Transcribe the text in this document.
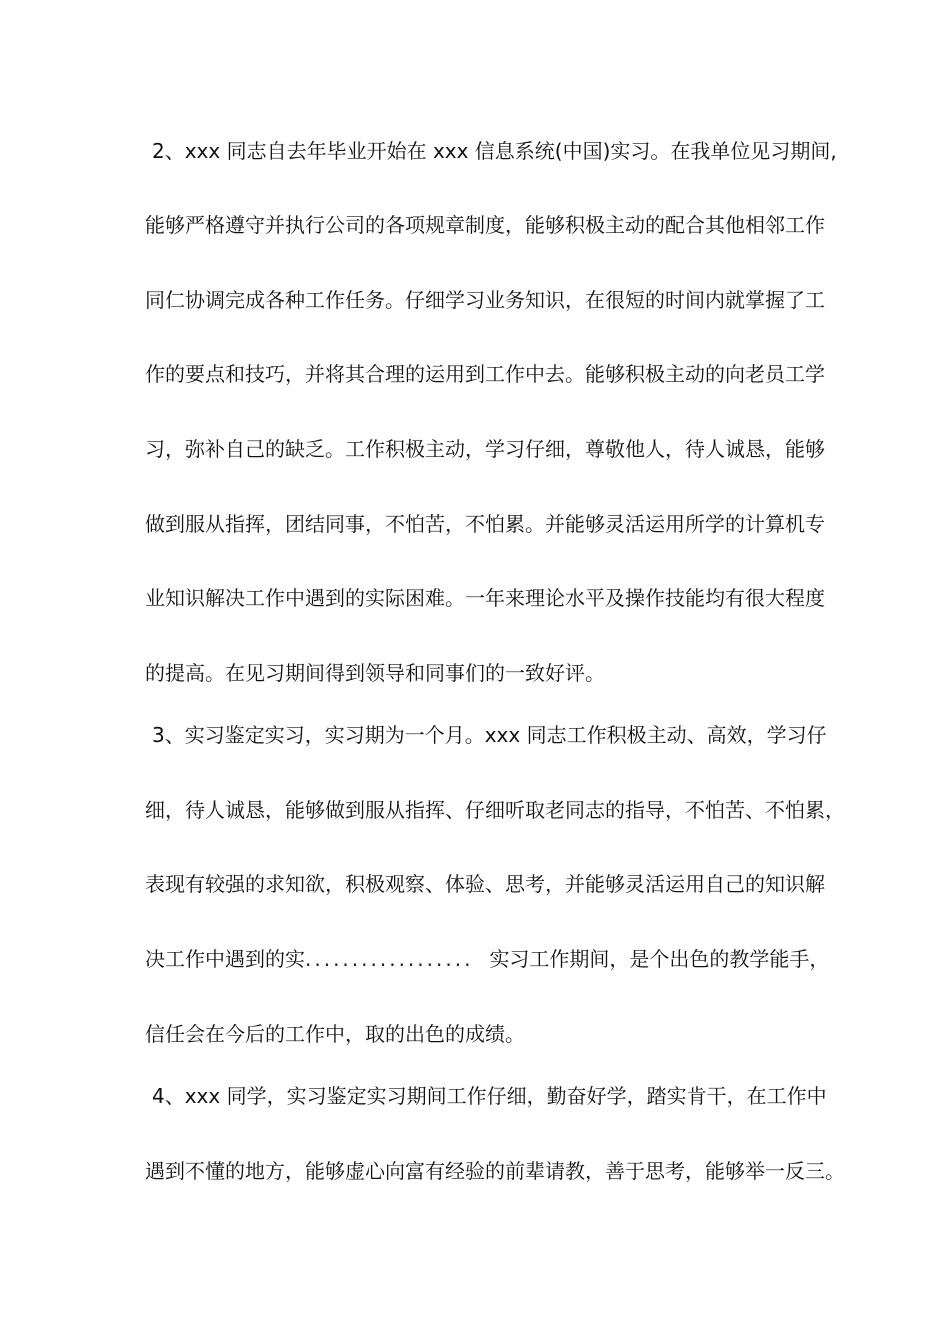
2、xxx 同志自去年毕业开始在 xxx 信息系统(中国)实习。在我单位见习期间,
能够严格遵守并执行公司的各项规章制度，能够积极主动的配合其他相邻工作
同仁协调完成各种工作任务。仔细学习业务知识，在很短的时间内就掌握了工
作的要点和技巧，并将其合理的运用到工作中去。能够积极主动的向老员工学
习，弥补自己的缺乏。工作积极主动，学习仔细，尊敬他人，待人诚恳，能够
做到服从指挥，团结同事，不怕苦，不怕累。并能够灵活运用所学的计算机专
业知识解决工作中遇到的实际困难。一年来理论水平及操作技能均有很大程度
的提高。在见习期间得到领导和同事们的一致好评。
3、实习鉴定实习，实习期为一个月。xxx 同志工作积极主动、高效，学习仔
细，待人诚恳，能够做到服从指挥、仔细听取老同志的指导，不怕苦、不怕累，
表现有较强的求知欲，积极观察、体验、思考，并能够灵活运用自己的知识解
决工作中遇到的实.................. 实习工作期间，是个出色的教学能手，
信任会在今后的工作中，取的出色的成绩。
4、xxx 同学，实习鉴定实习期间工作仔细，勤奋好学，踏实肯干，在工作中
遇到不懂的地方，能够虚心向富有经验的前辈请教，善于思考，能够举一反三。
